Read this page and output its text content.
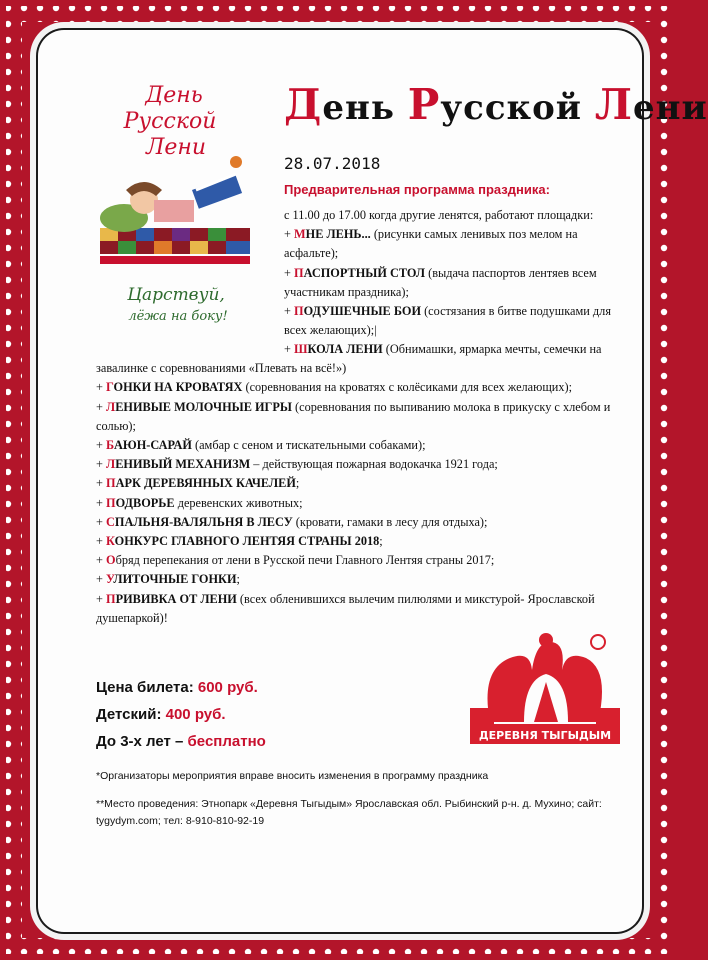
День
Русской
Лени
Царствуй,
лёжа на боку!
День Русской Лени
28.07.2018
Предварительная программа праздника:

с 11.00 до 17.00 когда другие ленятся, работают площадки:

+ МНЕ ЛЕНЬ... (рисунки самых ленивых поз мелом на асфальте);

+ ПАСПОРТНЫЙ СТОЛ (выдача паспортов лентяев всем участникам праздника);

+ ПОДУШЕЧНЫЕ БОИ (состязания в битве подушками для всех желающих);|

+ ШКОЛА ЛЕНИ (Обнимашки, ярмарка мечты, семечки на завалинке с соревнованиями «Плевать на всё!»)

+ ГОНКИ НА КРОВАТЯХ (соревнования на кроватях с колёсиками для всех желающих);

+ ЛЕНИВЫЕ МОЛОЧНЫЕ ИГРЫ (соревнования по выпиванию молока в прикуску с хлебом и солью);

+ БАЮН-САРАЙ (амбар с сеном и тискательными собаками);

+ ЛЕНИВЫЙ МЕХАНИЗМ – действующая пожарная водокачка 1921 года;

+ ПАРК ДЕРЕВЯННЫХ КАЧЕЛЕЙ;

+ ПОДВОРЬЕ деревенских животных;

+ СПАЛЬНЯ-ВАЛЯЛЬНЯ В ЛЕСУ (кровати, гамаки в лесу для отдыха);

+ КОНКУРС ГЛАВНОГО ЛЕНТЯЯ СТРАНЫ 2018;

+ Обряд перепекания от лени в Русской печи Главного Лентяя страны 2017;

+ УЛИТОЧНЫЕ ГОНКИ;

+ ПРИВИВКА ОТ ЛЕНИ (всех обленившихся вылечим пилюлями и микстурой- Ярославской душепаркой)!

Цена билета: 600 руб.
Детский: 400 руб.
До 3-х лет – бесплатно	ДЕРЕВНЯ ТЫГЫДЫМ
*Организаторы мероприятия вправе вносить изменения в программу праздника
**Место проведения: Этнопарк «Деревня Тыгыдым» Ярославская обл. Рыбинский р-н. д. Мухино; сайт:
tygydym.com; тел: 8-910-810-92-19
